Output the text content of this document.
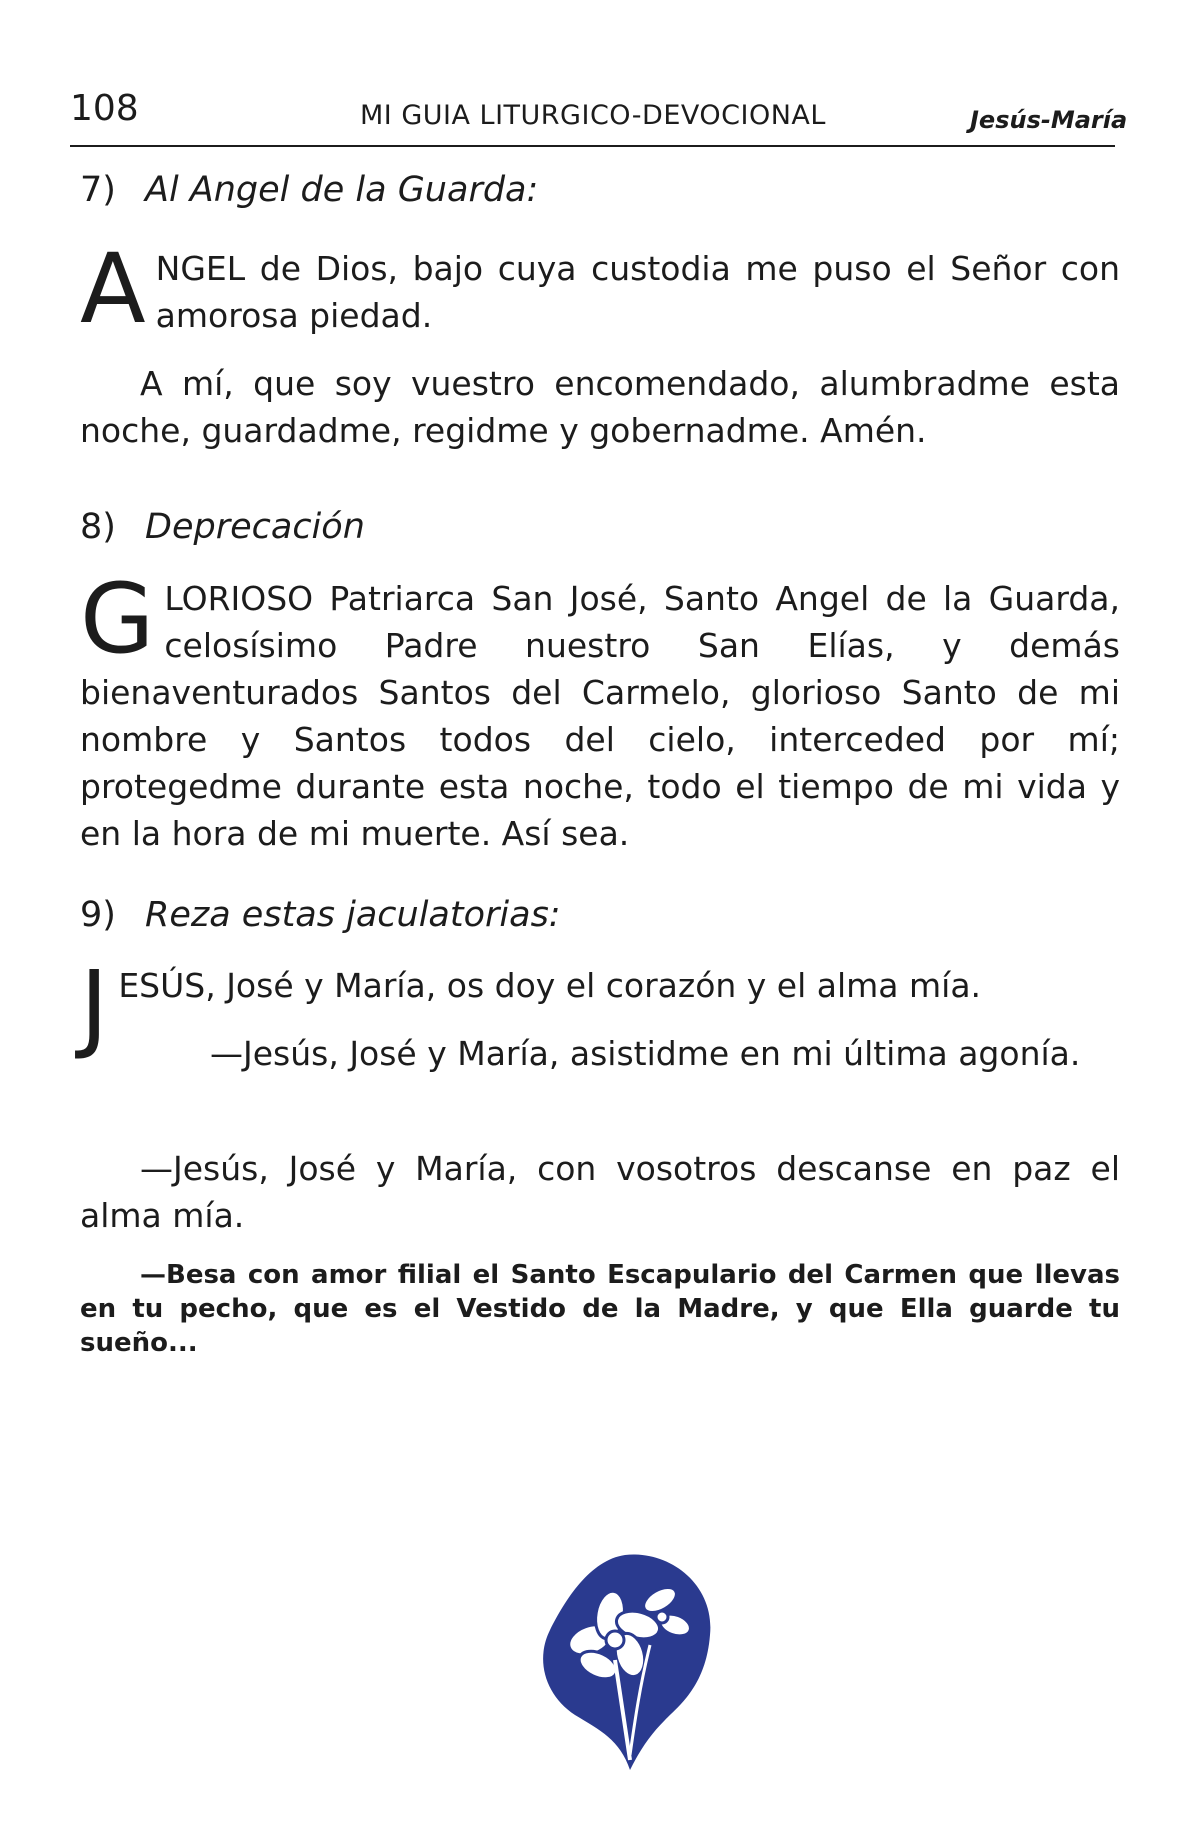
108	MI GUIA LITURGICO-DEVOCIONAL	Jesús-María
7) Al Angel de la Guarda:

ANGEL de Dios, bajo cuya custodia me puso el Señor con amorosa piedad.

A mí, que soy vuestro encomendado, alumbradme esta noche, guardadme, regidme y gobernadme. Amén.

8) Deprecación

GLORIOSO Patriarca San José, Santo Angel de la Guarda, celosísimo Padre nuestro San Elías, y demás bienaventurados Santos del Carmelo, glorioso Santo de mi nombre y Santos todos del cielo, interceded por mí; protegedme durante esta noche, todo el tiempo de mi vida y en la hora de mi muerte. Así sea.

9) Reza estas jaculatorias:

JESÚS, José y María, os doy el corazón y el alma mía.

—Jesús, José y María, asistidme en mi última agonía.

—Jesús, José y María, con vosotros descanse en paz el alma mía.

—Besa con amor filial el Santo Escapulario del Carmen que llevas en tu pecho, que es el Vestido de la Madre, y que Ella guarde tu sueño...
